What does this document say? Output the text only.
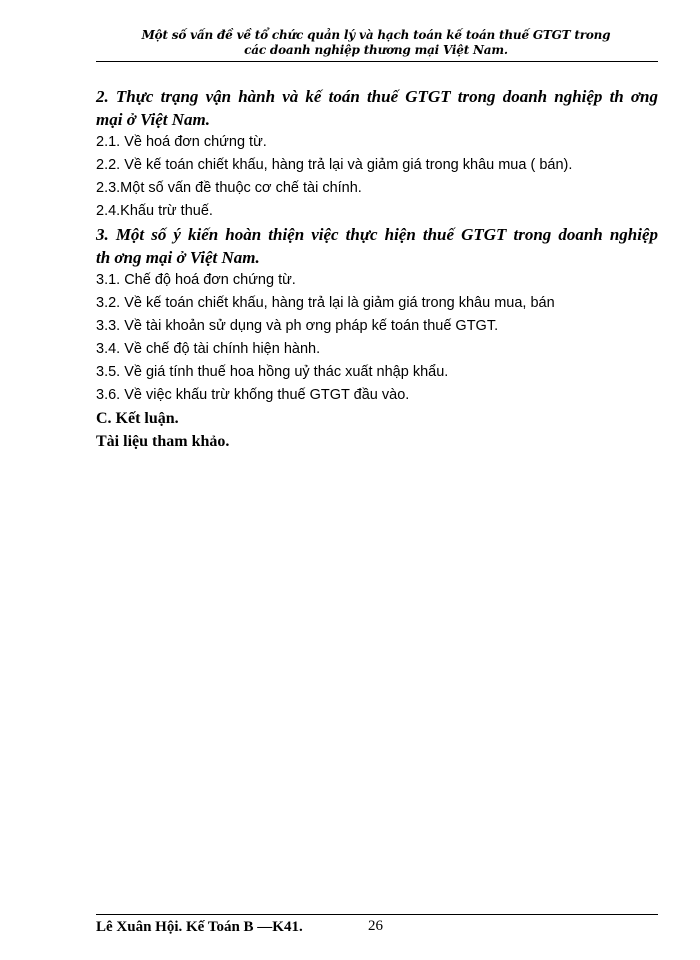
Một số vấn đề về tổ chức quản lý và hạch toán kế toán thuế GTGT trong
các doanh nghiệp thương mại Việt Nam.

2. Thực trạng vận hành và kế toán thuế GTGT trong doanh nghiệp th ơng

mại ở Việt Nam.

2.1. Về hoá đơn chứng từ.

2.2. Về kế toán chiết khấu, hàng trả lại và giảm giá trong khâu mua ( bán).

2.3.Một số vấn đề thuộc cơ chế tài chính.

2.4.Khấu trừ thuế.

3. Một số ý kiến hoàn thiện việc thực hiện thuế GTGT trong doanh nghiệp

th ơng mại ở Việt Nam.

3.1. Chế độ hoá đơn chứng từ.

3.2. Về kế toán chiết khấu, hàng trả lại là giảm giá trong khâu mua, bán

3.3. Về tài khoản sử dụng và ph ơng pháp kế toán thuế GTGT.

3.4. Về chế độ tài chính hiện hành.

3.5. Về giá tính thuế hoa hồng uỷ thác xuất nhập khẩu.

3.6. Về việc khấu trừ khống thuế GTGT đầu vào.

C. Kết luận.

Tài liệu tham khảo.

Lê Xuân Hội. Kế Toán B —K41.	26
